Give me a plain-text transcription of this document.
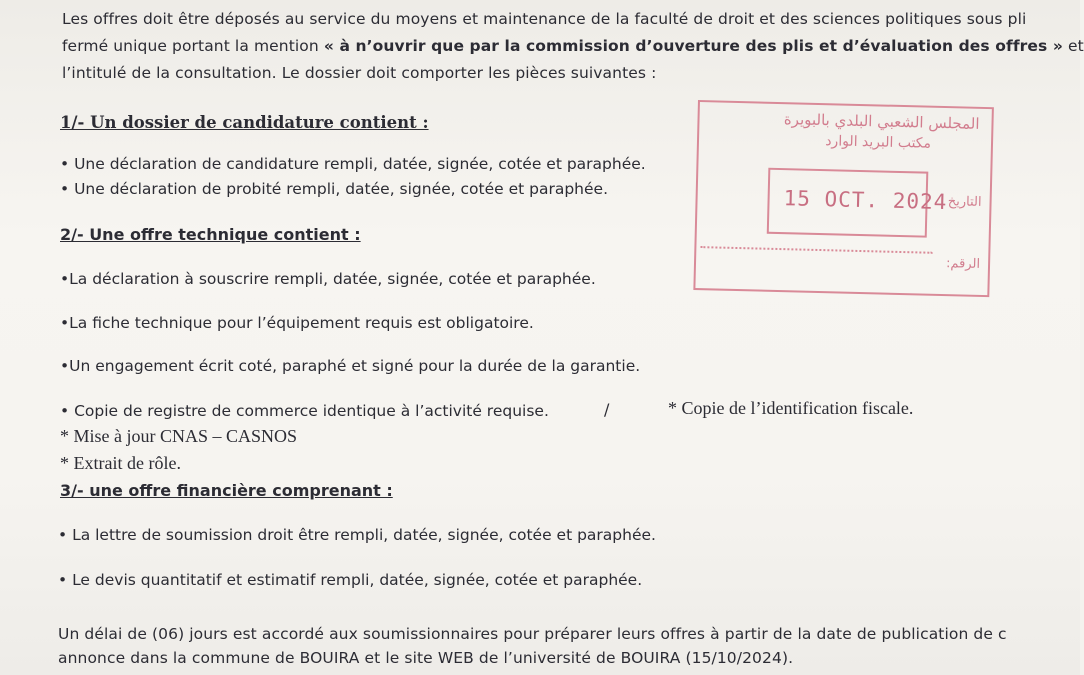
Les offres doit être déposés au service du moyens et maintenance de la faculté de droit et des sciences politiques sous pli
fermé unique portant la mention « à n’ouvrir que par la commission d’ouverture des plis et d’évaluation des offres » et
l’intitulé de la consultation. Le dossier doit comporter les pièces suivantes :
1/- Un dossier de candidature contient :
• Une déclaration de candidature rempli, datée, signée, cotée et paraphée.
• Une déclaration de probité rempli, datée, signée, cotée et paraphée.
2/- Une offre technique contient :
•La déclaration à souscrire rempli, datée, signée, cotée et paraphée.
•La fiche technique pour l’équipement requis est obligatoire.
•Un engagement écrit coté, paraphé et signé pour la durée de la garantie.
• Copie de registre de commerce identique à l’activité requise.	/	* Copie de l’identification fiscale.
* Mise à jour CNAS – CASNOS
* Extrait de rôle.
3/- une offre financière comprenant :
• La lettre de soumission droit être rempli, datée, signée, cotée et paraphée.
• Le devis quantitatif et estimatif rempli, datée, signée, cotée et paraphée.
Un délai de (06) jours est accordé aux soumissionnaires pour préparer leurs offres à partir de la date de publication de c
annonce dans la commune de BOUIRA et le site WEB de l’université de BOUIRA (15/10/2024).
المجلس الشعبي البلدي بالبويرة
مكتب البريد الوارد
15 OCT. 2024 التاريخ
الرقم:
